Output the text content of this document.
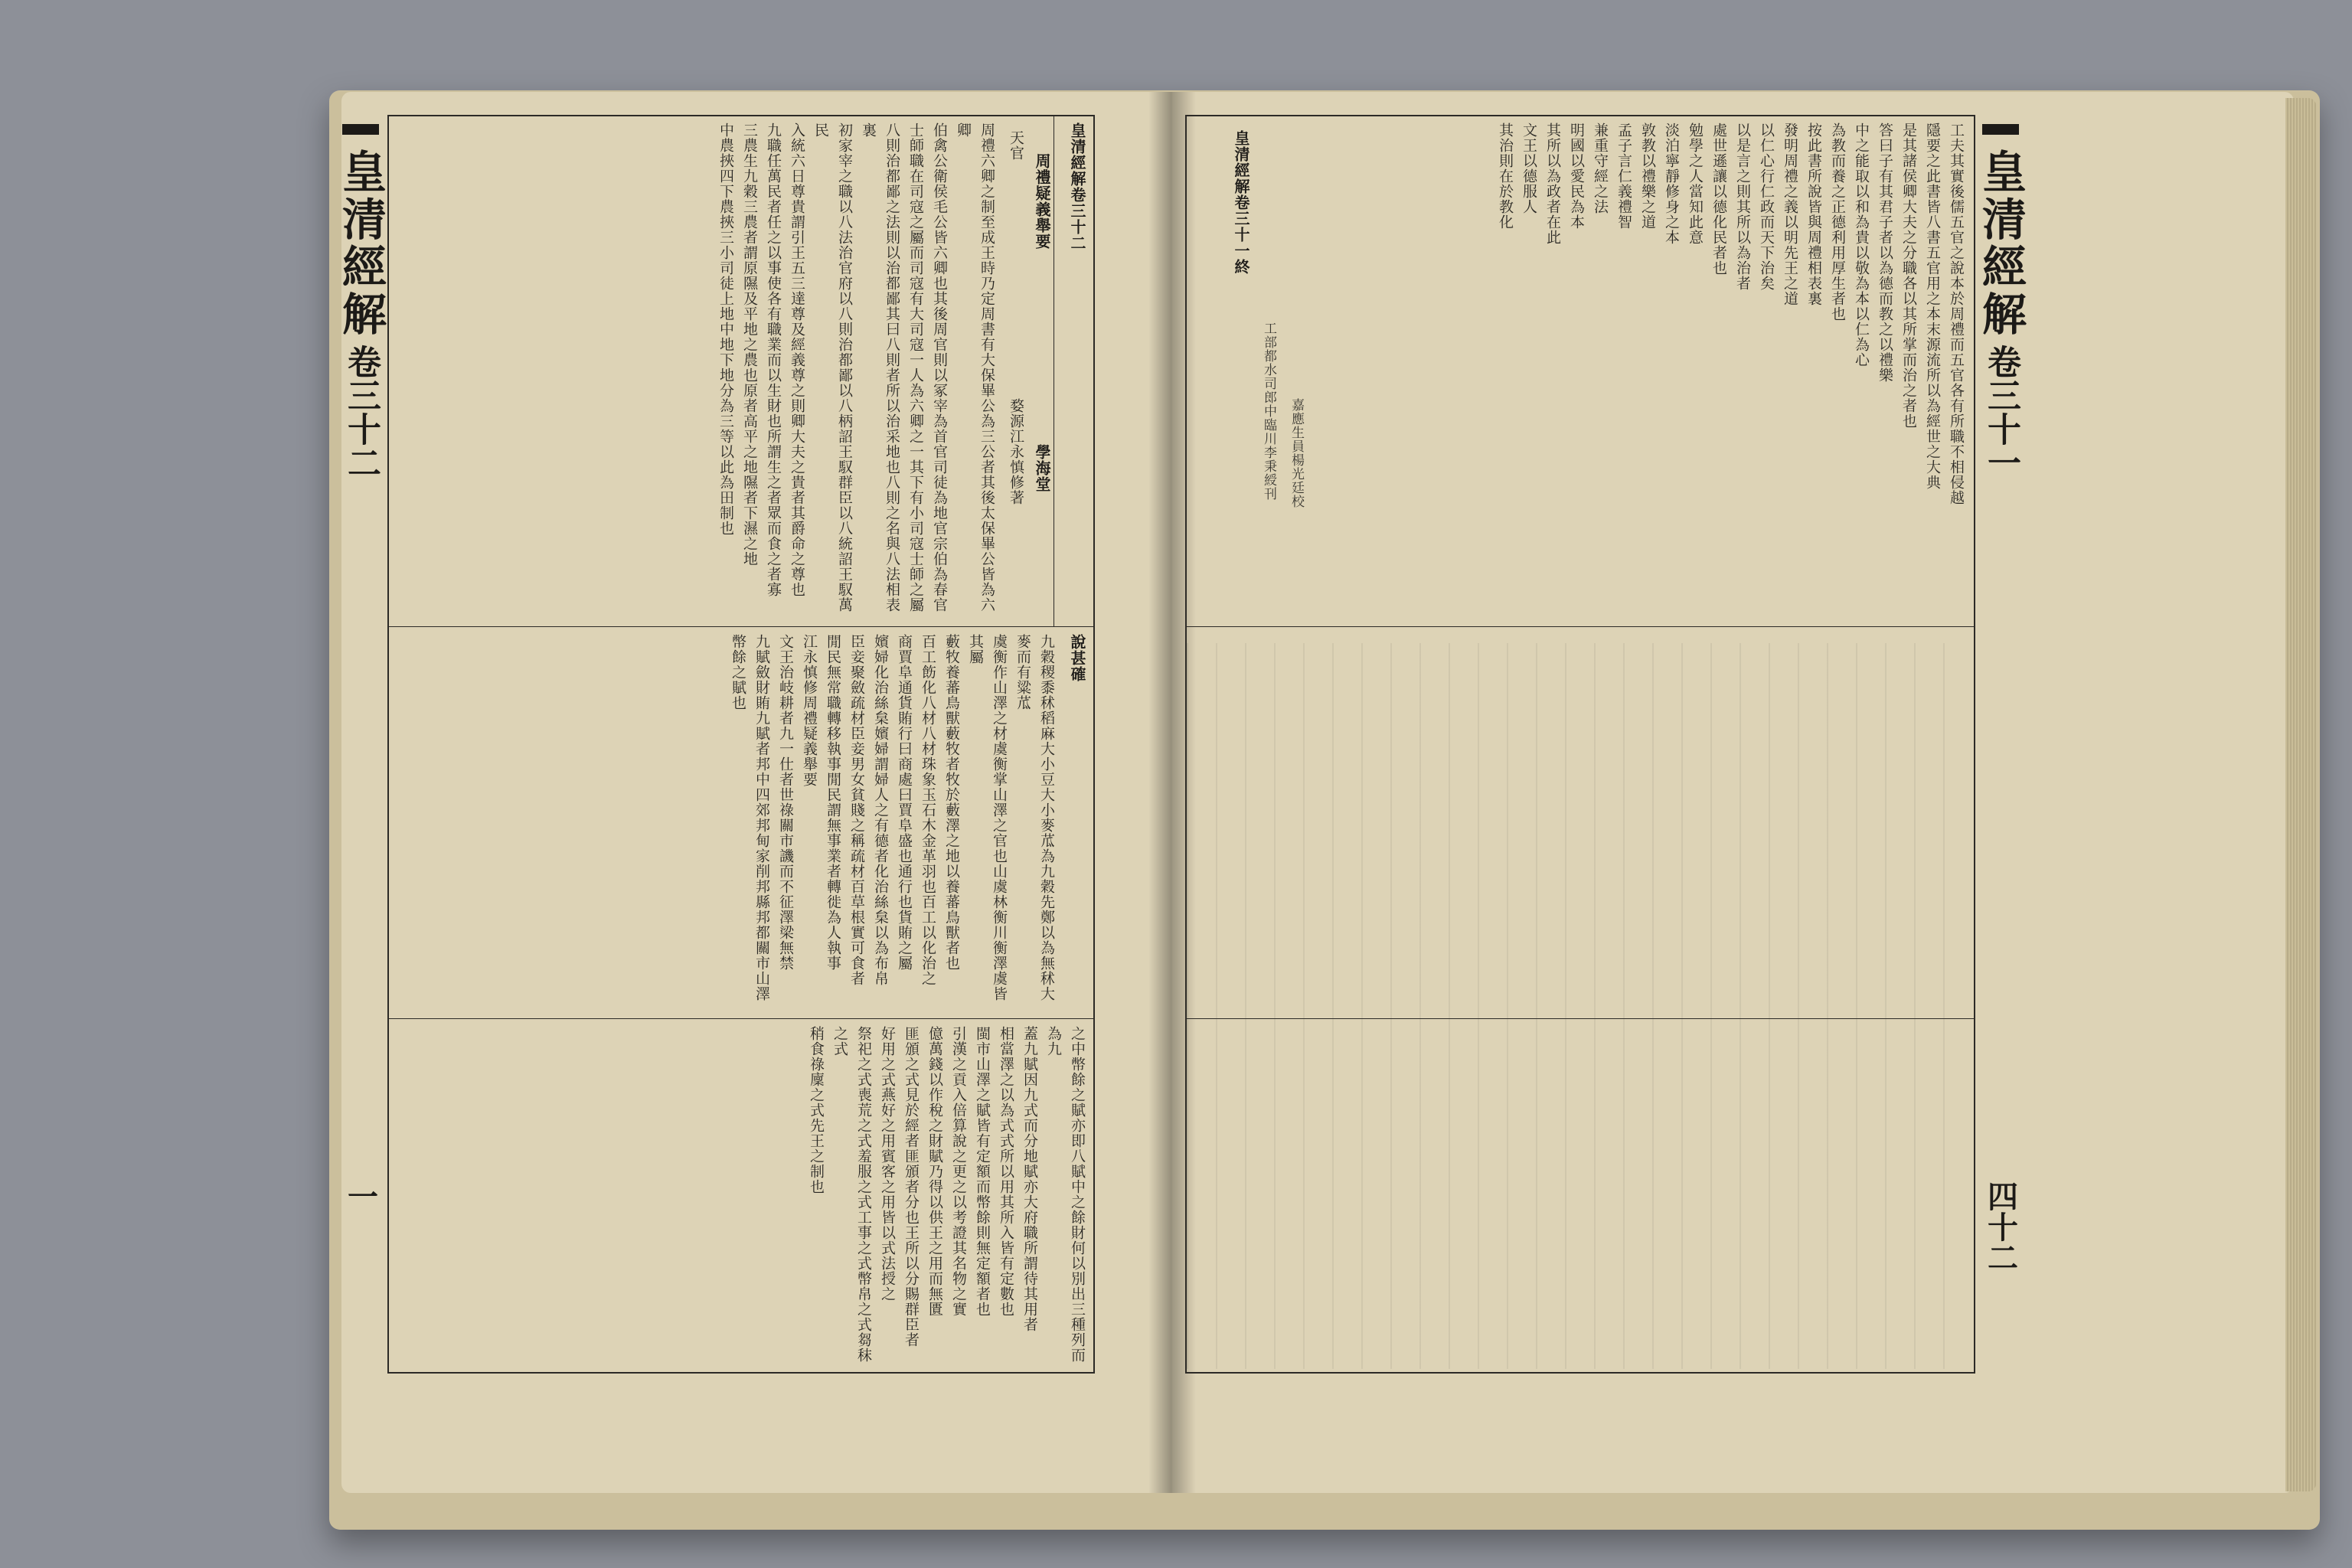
皇清經解
卷三十二
一
皇清經解卷三十二
周禮疑義舉要
學海堂
天官
婺源江永慎修著
周禮六卿之制至成王時乃定周書有大保畢公為三公者其後太保畢公皆為六卿
伯禽公衛侯毛公皆六卿也其後周官則以冢宰為首官司徒為地官宗伯為春官
士師職在司寇之屬而司寇有大司寇一人為六卿之一其下有小司寇士師之屬
八則治都鄙之法則以治都鄙其曰八則者所以治采地也八則之名與八法相表裏
初家宰之職以八法治官府以八則治都鄙以八柄詔王馭群臣以八統詔王馭萬民
入統六日尊貴謂引王五三達尊及經義尊之則卿大夫之貴者其爵命之尊也
九職任萬民者任之以事使各有職業而以生財也所謂生之者眾而食之者寡
三農生九穀三農者謂原隰及平地之農也原者高平之地隰者下濕之地
中農挾四下農挾三小司徒上地中地下地分為三等以此為田制也
說甚確
九穀稷黍秫稻麻大小豆大小麥苽為九穀先鄭以為無秫大麥而有粱苽
虞衡作山澤之材虞衡掌山澤之官也山虞林衡川衡澤虞皆其屬
藪牧養蕃鳥獸藪牧者牧於藪澤之地以養蕃鳥獸者也
百工飭化八材八材珠象玉石木金革羽也百工以化治之
商賈阜通貨賄行曰商處曰賈阜盛也通行也貨賄之屬
嬪婦化治絲枲嬪婦謂婦人之有德者化治絲枲以為布帛
臣妾聚斂疏材臣妾男女貧賤之稱疏材百草根實可食者
閒民無常職轉移執事閒民謂無事業者轉徙為人執事
江永慎修周禮疑義舉要
文王治岐耕者九一仕者世祿關市譏而不征澤梁無禁
九賦斂財賄九賦者邦中四郊邦甸家削邦縣邦都關市山澤幣餘之賦也
之中幣餘之賦亦即八賦中之餘財何以別出三種列而為九
蓋九賦因九式而分地賦亦大府職所謂待其用者
相當澤之以為式式所以用其所入皆有定數也
閩市山澤之賦皆有定額而幣餘則無定額者也
引漢之貢入倍算說之更之以考證其名物之實
億萬錢以作稅之財賦乃得以供王之用而無匱
匪頒之式見於經者匪頒者分也王所以分賜群臣者
好用之式燕好之用賓客之用皆以式法授之
祭祀之式喪荒之式羞服之式工事之式幣帛之式芻秣之式
稍食祿廩之式先王之制也
皇清經解
卷三十一
四十二
工夫其實後儒五官之說本於周禮而五官各有所職不相侵越
隱要之此書皆八書五官用之本末源流所以為經世之大典
是其諸侯卿大夫之分職各以其所掌而治之者也
答曰子有其君子者以為德而教之以禮樂
中之能取以和為貴以敬為本以仁為心
為教而養之正德利用厚生者也
按此書所說皆與周禮相表裏
發明周禮之義以明先王之道
以仁心行仁政而天下治矣
以是言之則其所以為治者
處世遜讓以德化民者也
勉學之人當知此意
淡泊寧靜修身之本
敦教以禮樂之道
孟子言仁義禮智
兼重守經之法
明國以愛民為本
其所以為政者在此
文王以德服人
其治則在於教化
皇清經解卷三十一終
工部都水司郎中臨川李秉綬刊 嘉應生員楊光廷校
